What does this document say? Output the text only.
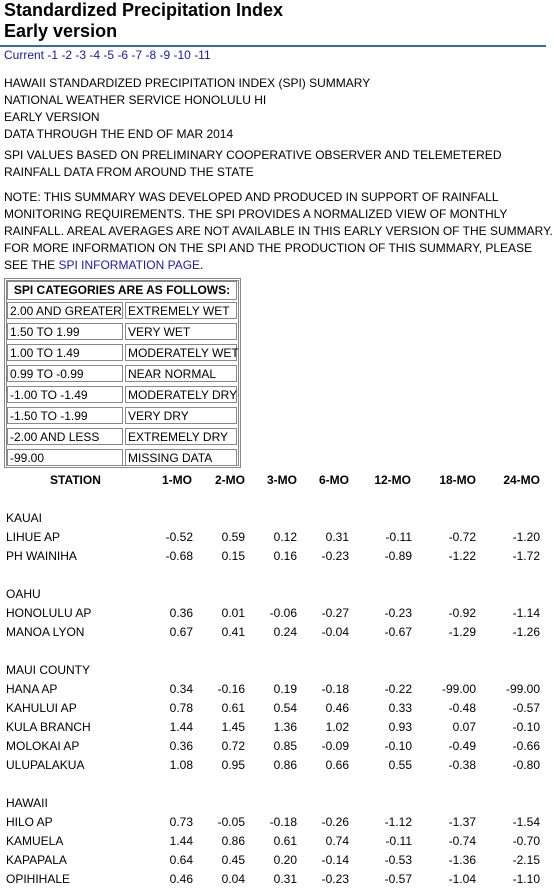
Standardized Precipitation Index
Early version
Current -1 -2 -3 -4 -5 -6 -7 -8 -9 -10 -11
HAWAII STANDARDIZED PRECIPITATION INDEX (SPI) SUMMARY
NATIONAL WEATHER SERVICE HONOLULU HI
EARLY VERSION
DATA THROUGH THE END OF MAR 2014
SPI VALUES BASED ON PRELIMINARY COOPERATIVE OBSERVER AND TELEMETERED
RAINFALL DATA FROM AROUND THE STATE
NOTE: THIS SUMMARY WAS DEVELOPED AND PRODUCED IN SUPPORT OF RAINFALL
MONITORING REQUIREMENTS. THE SPI PROVIDES A NORMALIZED VIEW OF MONTHLY
RAINFALL. AREAL AVERAGES ARE NOT AVAILABLE IN THIS EARLY VERSION OF THE SUMMARY.
FOR MORE INFORMATION ON THE SPI AND THE PRODUCTION OF THIS SUMMARY, PLEASE
SEE THE SPI INFORMATION PAGE.
SPI CATEGORIES ARE AS FOLLOWS:
2.00 AND GREATER EXTREMELY WET
1.50 TO 1.99	VERY WET
1.00 TO 1.49	MODERATELY WET
0.99 TO -0.99	NEAR NORMAL
-1.00 TO -1.49	MODERATELY DRY
-1.50 TO -1.99	VERY DRY
-2.00 AND LESS	EXTREMELY DRY
-99.00	MISSING DATA
STATION	1-MO	2-MO	3-MO	6-MO	12-MO	18-MO	24-MO
KAUAI
LIHUE AP	-0.52	0.59	0.12	0.31	-0.11	-0.72	-1.20
PH WAINIHA	-0.68	0.15	0.16	-0.23	-0.89	-1.22	-1.72
OAHU
HONOLULU AP	0.36	0.01	-0.06	-0.27	-0.23	-0.92	-1.14
MANOA LYON	0.67	0.41	0.24	-0.04	-0.67	-1.29	-1.26
MAUI COUNTY
HANA AP	0.34	-0.16	0.19	-0.18	-0.22	-99.00	-99.00
KAHULUI AP	0.78	0.61	0.54	0.46	0.33	-0.48	-0.57
KULA BRANCH	1.44	1.45	1.36	1.02	0.93	0.07	-0.10
MOLOKAI AP	0.36	0.72	0.85	-0.09	-0.10	-0.49	-0.66
ULUPALAKUA	1.08	0.95	0.86	0.66	0.55	-0.38	-0.80
HAWAII
HILO AP	0.73	-0.05	-0.18	-0.26	-1.12	-1.37	-1.54
KAMUELA	1.44	0.86	0.61	0.74	-0.11	-0.74	-0.70
KAPAPALA	0.64	0.45	0.20	-0.14	-0.53	-1.36	-2.15
OPIHIHALE	0.46	0.04	0.31	-0.23	-0.57	-1.04	-1.10
